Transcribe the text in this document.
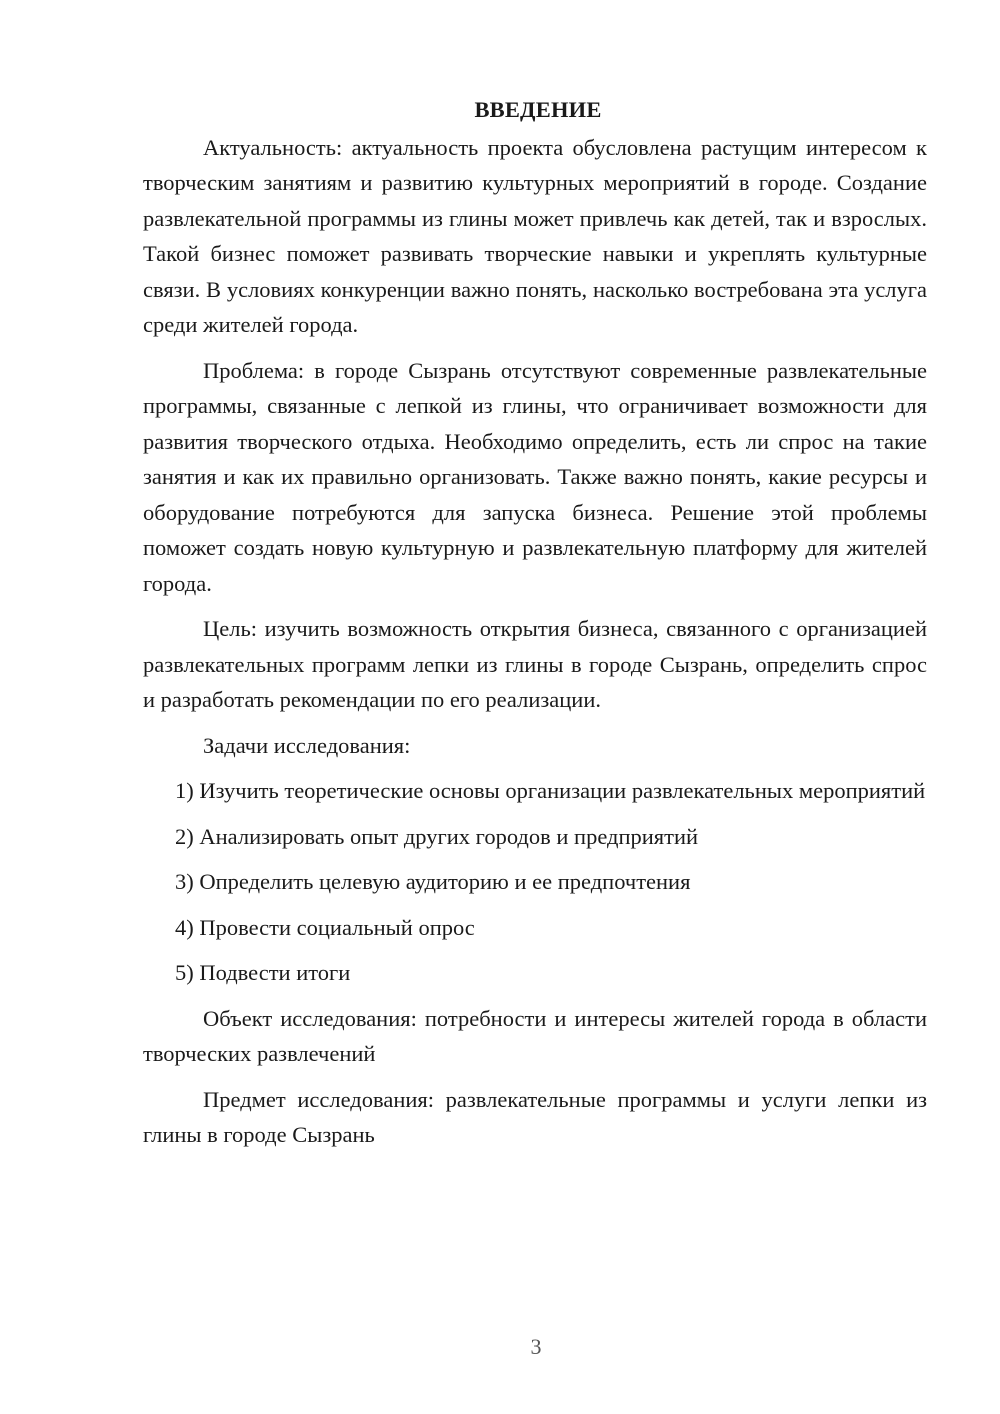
ВВЕДЕНИЕ

Актуальность: актуальность проекта обусловлена растущим интересом к творческим занятиям и развитию культурных мероприятий в городе. Создание развлекательной программы из глины может привлечь как детей, так и взрослых. Такой бизнес поможет развивать творческие навыки и укреплять культурные связи. В условиях конкуренции важно понять, насколько востребована эта услуга среди жителей города.

Проблема: в городе Сызрань отсутствуют современные развлекательные программы, связанные с лепкой из глины, что ограничивает возможности для развития творческого отдыха. Необходимо определить, есть ли спрос на такие занятия и как их правильно организовать. Также важно понять, какие ресурсы и оборудование потребуются для запуска бизнеса. Решение этой проблемы поможет создать новую культурную и развлекательную платформу для жителей города.

Цель: изучить возможность открытия бизнеса, связанного с организацией развлекательных программ лепки из глины в городе Сызрань, определить спрос и разработать рекомендации по его реализации.

Задачи исследования:

1) Изучить теоретические основы организации развлекательных мероприятий

2) Анализировать опыт других городов и предприятий

3) Определить целевую аудиторию и ее предпочтения

4) Провести социальный опрос

5) Подвести итоги

Объект исследования: потребности и интересы жителей города в области творческих развлечений

Предмет исследования: развлекательные программы и услуги лепки из глины в городе Сызрань

3
